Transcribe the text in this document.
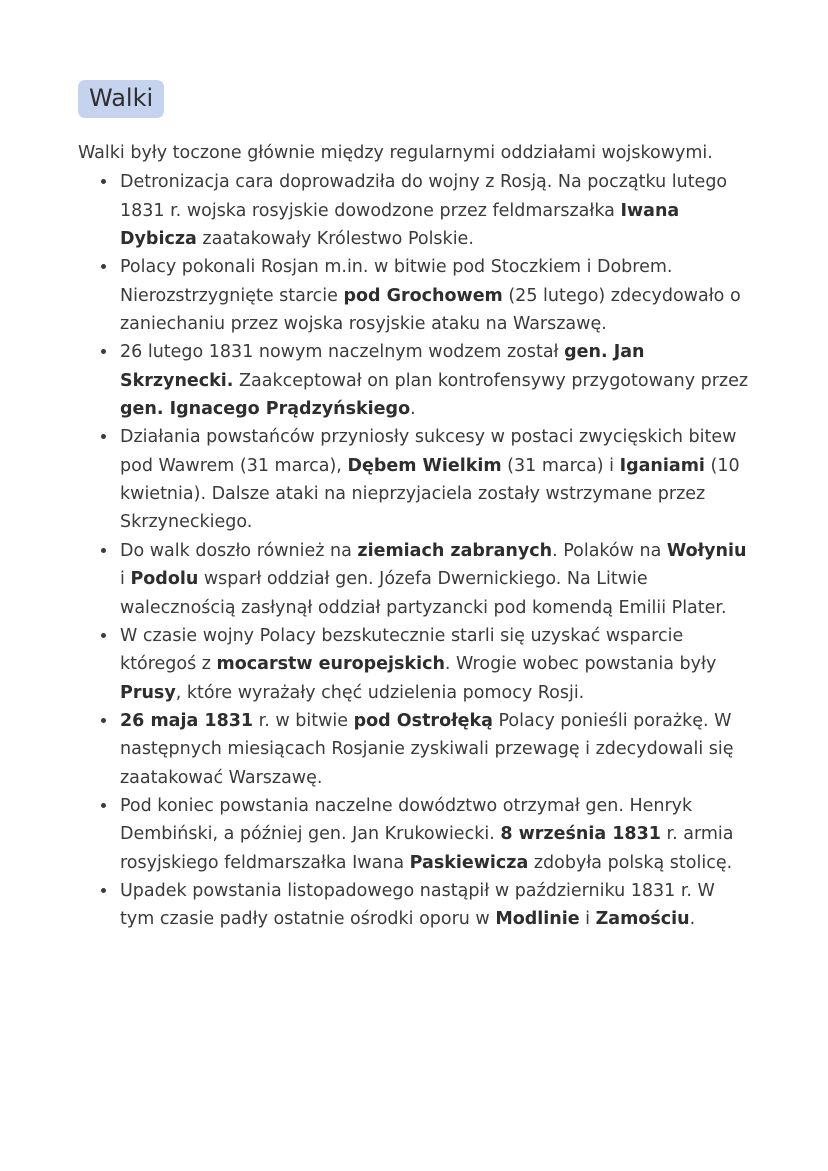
Walki

Walki były toczone głównie między regularnymi oddziałami wojskowymi.

• Detronizacja cara doprowadziła do wojny z Rosją. Na początku lutego 1831 r. wojska rosyjskie dowodzone przez feldmarszałka Iwana Dybicza zaatakowały Królestwo Polskie.
• Polacy pokonali Rosjan m.in. w bitwie pod Stoczkiem i Dobrem. Nierozstrzygnięte starcie pod Grochowem (25 lutego) zdecydowało o zaniechaniu przez wojska rosyjskie ataku na Warszawę.
• 26 lutego 1831 nowym naczelnym wodzem został gen. Jan Skrzynecki. Zaakceptował on plan kontrofensywy przygotowany przez gen. Ignacego Prądzyńskiego.
• Działania powstańców przyniosły sukcesy w postaci zwycięskich bitew pod Wawrem (31 marca), Dębem Wielkim (31 marca) i Iganiami (10 kwietnia). Dalsze ataki na nieprzyjaciela zostały wstrzymane przez Skrzyneckiego.
• Do walk doszło również na ziemiach zabranych. Polaków na Wołyniu i Podolu wsparł oddział gen. Józefa Dwernickiego. Na Litwie walecznością zasłynął oddział partyzancki pod komendą Emilii Plater.
• W czasie wojny Polacy bezskutecznie starli się uzyskać wsparcie któregoś z mocarstw europejskich. Wrogie wobec powstania były Prusy, które wyrażały chęć udzielenia pomocy Rosji.
• 26 maja 1831 r. w bitwie pod Ostrołęką Polacy ponieśli porażkę. W następnych miesiącach Rosjanie zyskiwali przewagę i zdecydowali się zaatakować Warszawę.
• Pod koniec powstania naczelne dowództwo otrzymał gen. Henryk Dembiński, a później gen. Jan Krukowiecki. 8 września 1831 r. armia rosyjskiego feldmarszałka Iwana Paskiewicza zdobyła polską stolicę.
• Upadek powstania listopadowego nastąpił w październiku 1831 r. W tym czasie padły ostatnie ośrodki oporu w Modlinie i Zamościu.
